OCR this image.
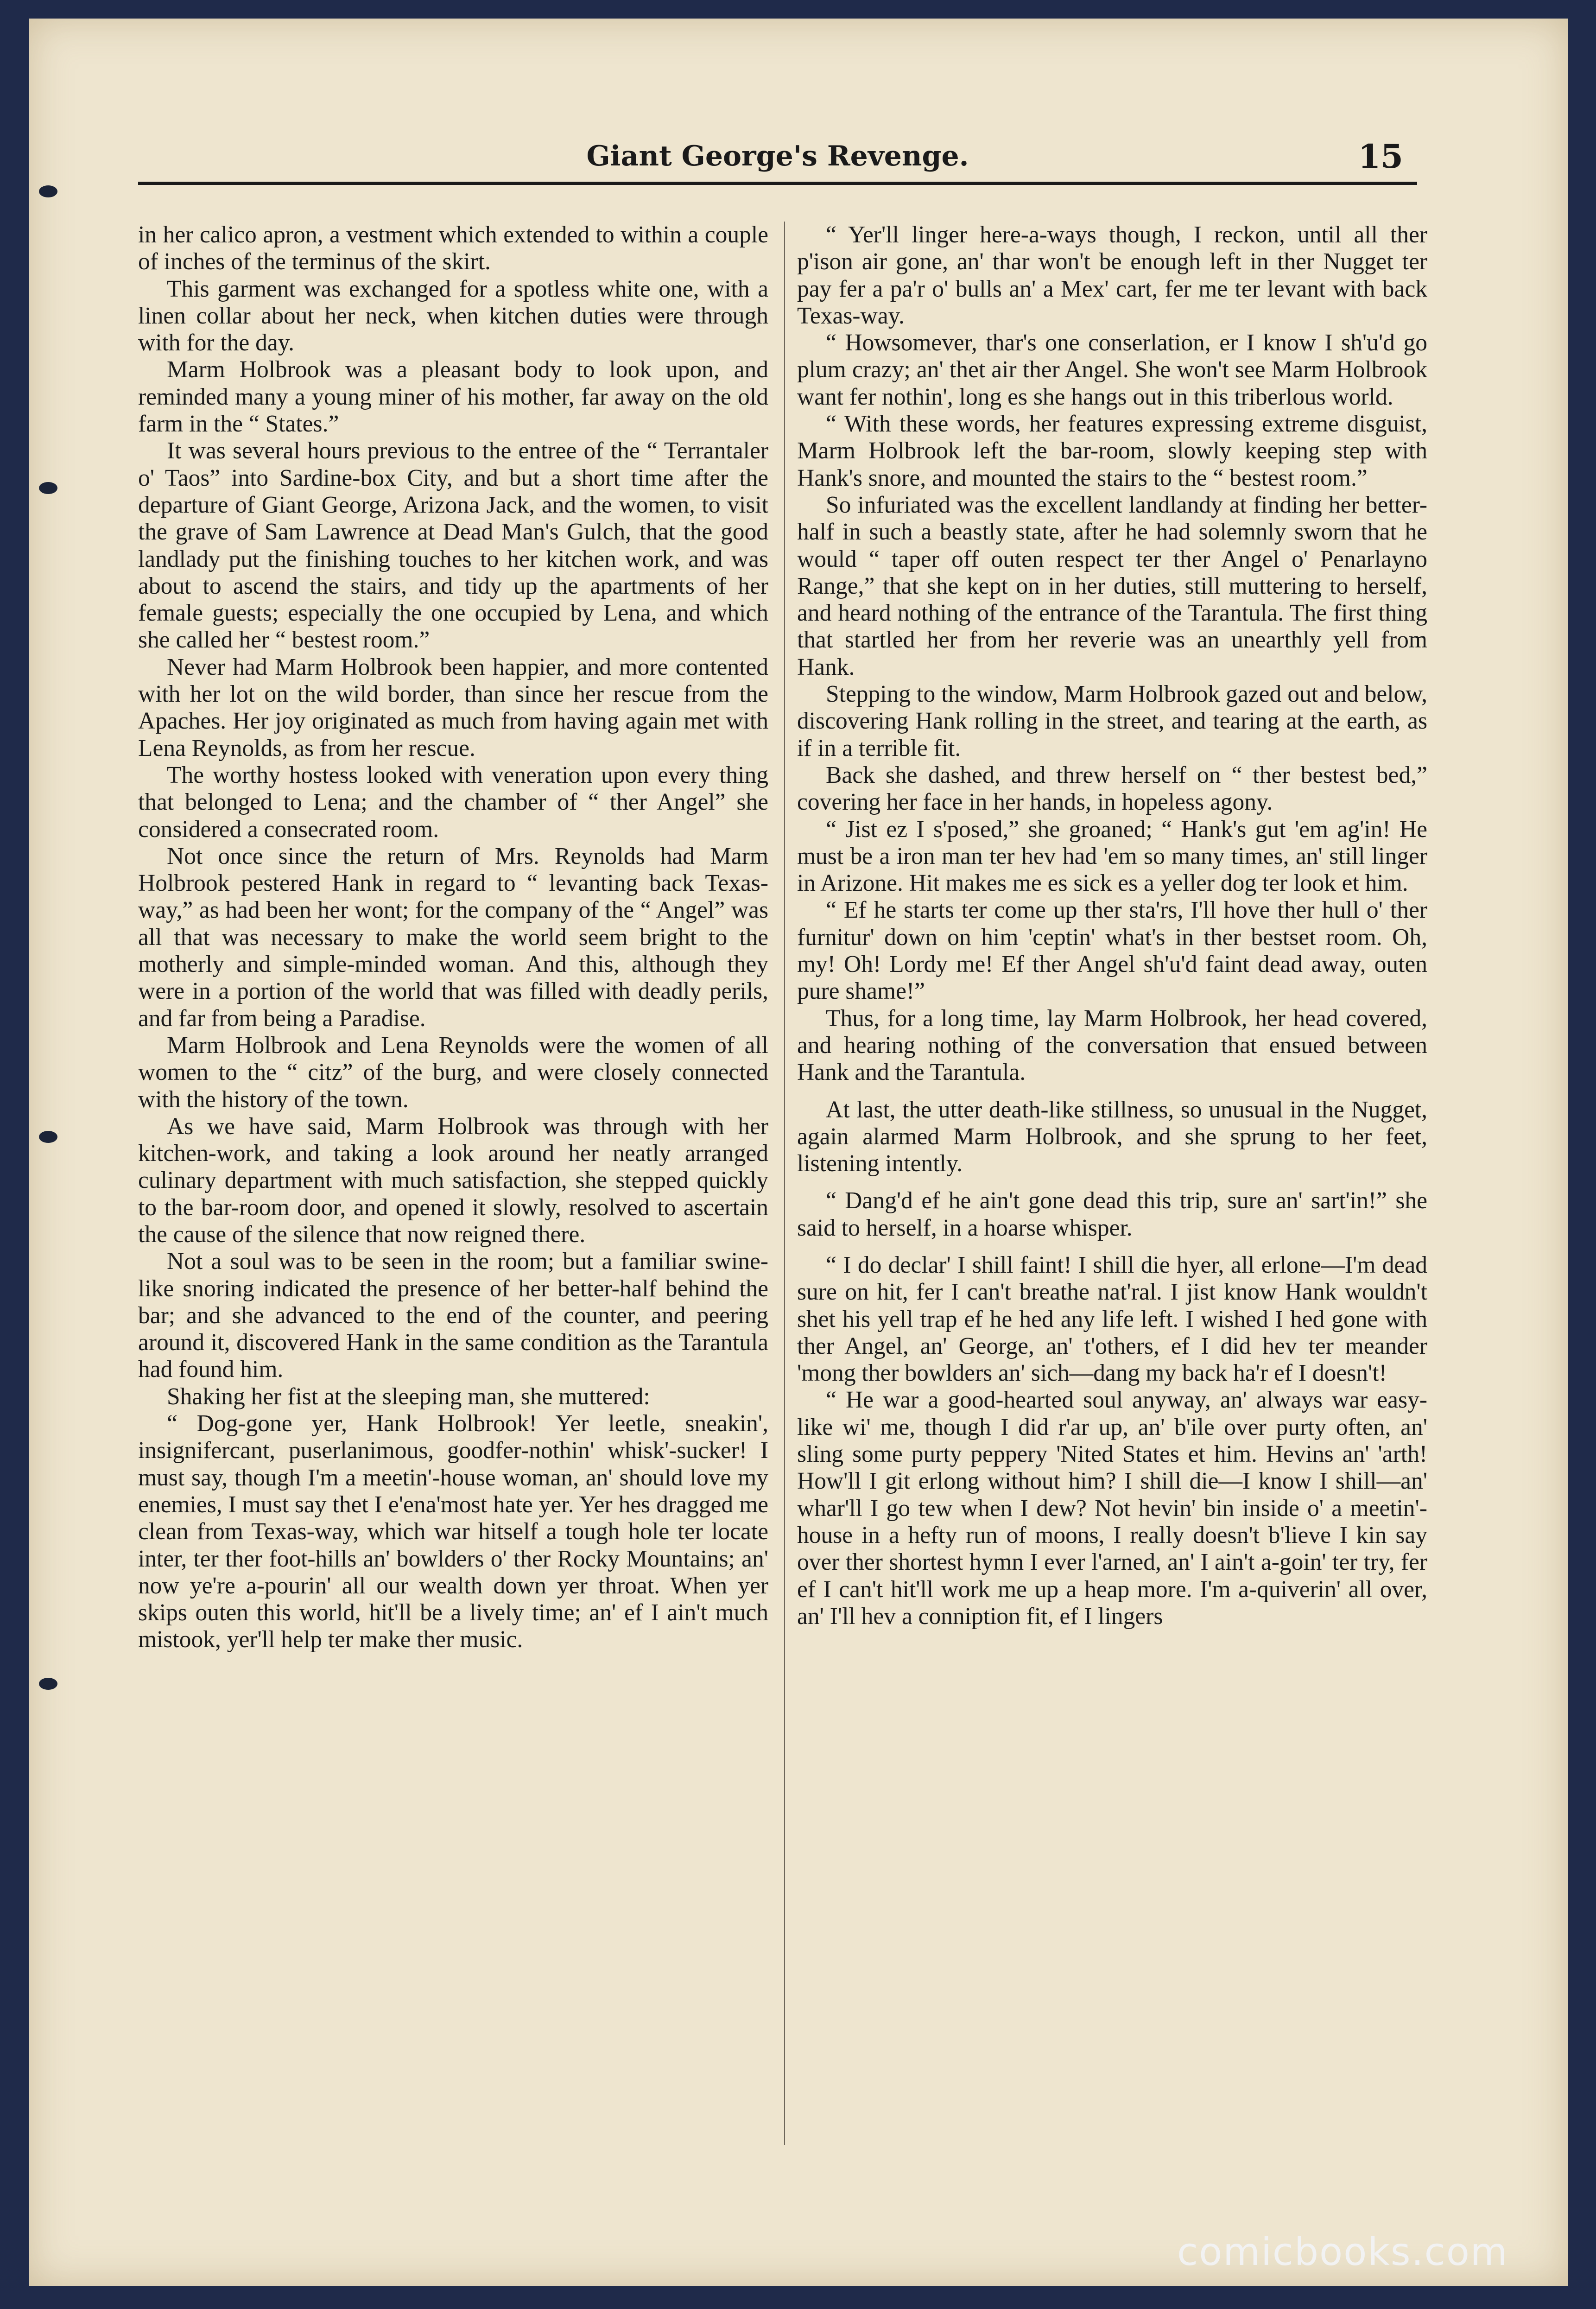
Giant George's Revenge.	15

in her calico apron, a vestment which extended to within a couple of inches of the terminus of the skirt.

This garment was exchanged for a spotless white one, with a linen collar about her neck, when kitchen duties were through with for the day.

Marm Holbrook was a pleasant body to look upon, and reminded many a young miner of his mother, far away on the old farm in the “ States.”

It was several hours previous to the entree of the “ Terrantaler o' Taos” into Sardine-box City, and but a short time after the departure of Giant George, Arizona Jack, and the women, to visit the grave of Sam Lawrence at Dead Man's Gulch, that the good landlady put the finishing touches to her kitchen work, and was about to ascend the stairs, and tidy up the apartments of her female guests; especially the one occupied by Lena, and which she called her “ bestest room.”

Never had Marm Holbrook been happier, and more contented with her lot on the wild border, than since her rescue from the Apaches. Her joy originated as much from having again met with Lena Reynolds, as from her rescue.

The worthy hostess looked with veneration upon every thing that belonged to Lena; and the chamber of “ ther Angel” she considered a consecrated room.

Not once since the return of Mrs. Reynolds had Marm Holbrook pestered Hank in regard to “ levanting back Texas-way,” as had been her wont; for the company of the “ Angel” was all that was necessary to make the world seem bright to the motherly and simple-minded woman. And this, although they were in a portion of the world that was filled with deadly perils, and far from being a Paradise.

Marm Holbrook and Lena Reynolds were the women of all women to the “ citz” of the burg, and were closely connected with the history of the town.

As we have said, Marm Holbrook was through with her kitchen-work, and taking a look around her neatly arranged culinary department with much satisfaction, she stepped quickly to the bar-room door, and opened it slowly, resolved to ascertain the cause of the silence that now reigned there.

Not a soul was to be seen in the room; but a familiar swine-like snoring indicated the presence of her better-half behind the bar; and she advanced to the end of the counter, and peering around it, discovered Hank in the same condition as the Tarantula had found him.

Shaking her fist at the sleeping man, she muttered:

“ Dog-gone yer, Hank Holbrook! Yer leetle, sneakin', insignifercant, puserlanimous, goodfer-nothin' whisk'-sucker! I must say, though I'm a meetin'-house woman, an' should love my enemies, I must say thet I e'ena'most hate yer. Yer hes dragged me clean from Texas-way, which war hitself a tough hole ter locate inter, ter ther foot-hills an' bowlders o' ther Rocky Mountains; an' now ye're a-pourin' all our wealth down yer throat. When yer skips outen this world, hit'll be a lively time; an' ef I ain't much mistook, yer'll help ter make ther music.

“ Yer'll linger here-a-ways though, I reckon, until all ther p'ison air gone, an' thar won't be enough left in ther Nugget ter pay fer a pa'r o' bulls an' a Mex' cart, fer me ter levant with back Texas-way.

“ Howsomever, thar's one conserlation, er I know I sh'u'd go plum crazy; an' thet air ther Angel. She won't see Marm Holbrook want fer nothin', long es she hangs out in this triberlous world.

“ With these words, her features expressing extreme disguist, Marm Holbrook left the bar-room, slowly keeping step with Hank's snore, and mounted the stairs to the “ bestest room.”

So infuriated was the excellent landlandy at finding her better-half in such a beastly state, after he had solemnly sworn that he would “ taper off outen respect ter ther Angel o' Penarlayno Range,” that she kept on in her duties, still muttering to herself, and heard nothing of the entrance of the Tarantula. The first thing that startled her from her reverie was an unearthly yell from Hank.

Stepping to the window, Marm Holbrook gazed out and below, discovering Hank rolling in the street, and tearing at the earth, as if in a terrible fit.

Back she dashed, and threw herself on “ ther bestest bed,” covering her face in her hands, in hopeless agony.

“ Jist ez I s'posed,” she groaned; “ Hank's gut 'em ag'in! He must be a iron man ter hev had 'em so many times, an' still linger in Arizone. Hit makes me es sick es a yeller dog ter look et him.

“ Ef he starts ter come up ther sta'rs, I'll hove ther hull o' ther furnitur' down on him 'ceptin' what's in ther bestset room. Oh, my! Oh! Lordy me! Ef ther Angel sh'u'd faint dead away, outen pure shame!”

Thus, for a long time, lay Marm Holbrook, her head covered, and hearing nothing of the conversation that ensued between Hank and the Tarantula.

At last, the utter death-like stillness, so unusual in the Nugget, again alarmed Marm Holbrook, and she sprung to her feet, listening intently.

“ Dang'd ef he ain't gone dead this trip, sure an' sart'in!” she said to herself, in a hoarse whisper.

“ I do declar' I shill faint! I shill die hyer, all erlone—I'm dead sure on hit, fer I can't breathe nat'ral. I jist know Hank wouldn't shet his yell trap ef he hed any life left. I wished I hed gone with ther Angel, an' George, an' t'others, ef I did hev ter meander 'mong ther bowlders an' sich—dang my back ha'r ef I doesn't!

“ He war a good-hearted soul anyway, an' always war easy-like wi' me, though I did r'ar up, an' b'ile over purty often, an' sling some purty peppery 'Nited States et him. Hevins an' 'arth! How'll I git erlong without him? I shill die—I know I shill—an' whar'll I go tew when I dew? Not hevin' bin inside o' a meetin'-house in a hefty run of moons, I really doesn't b'lieve I kin say over ther shortest hymn I ever l'arned, an' I ain't a-goin' ter try, fer ef I can't hit'll work me up a heap more. I'm a-quiverin' all over, an' I'll hev a conniption fit, ef I lingers

comicbooks.com
